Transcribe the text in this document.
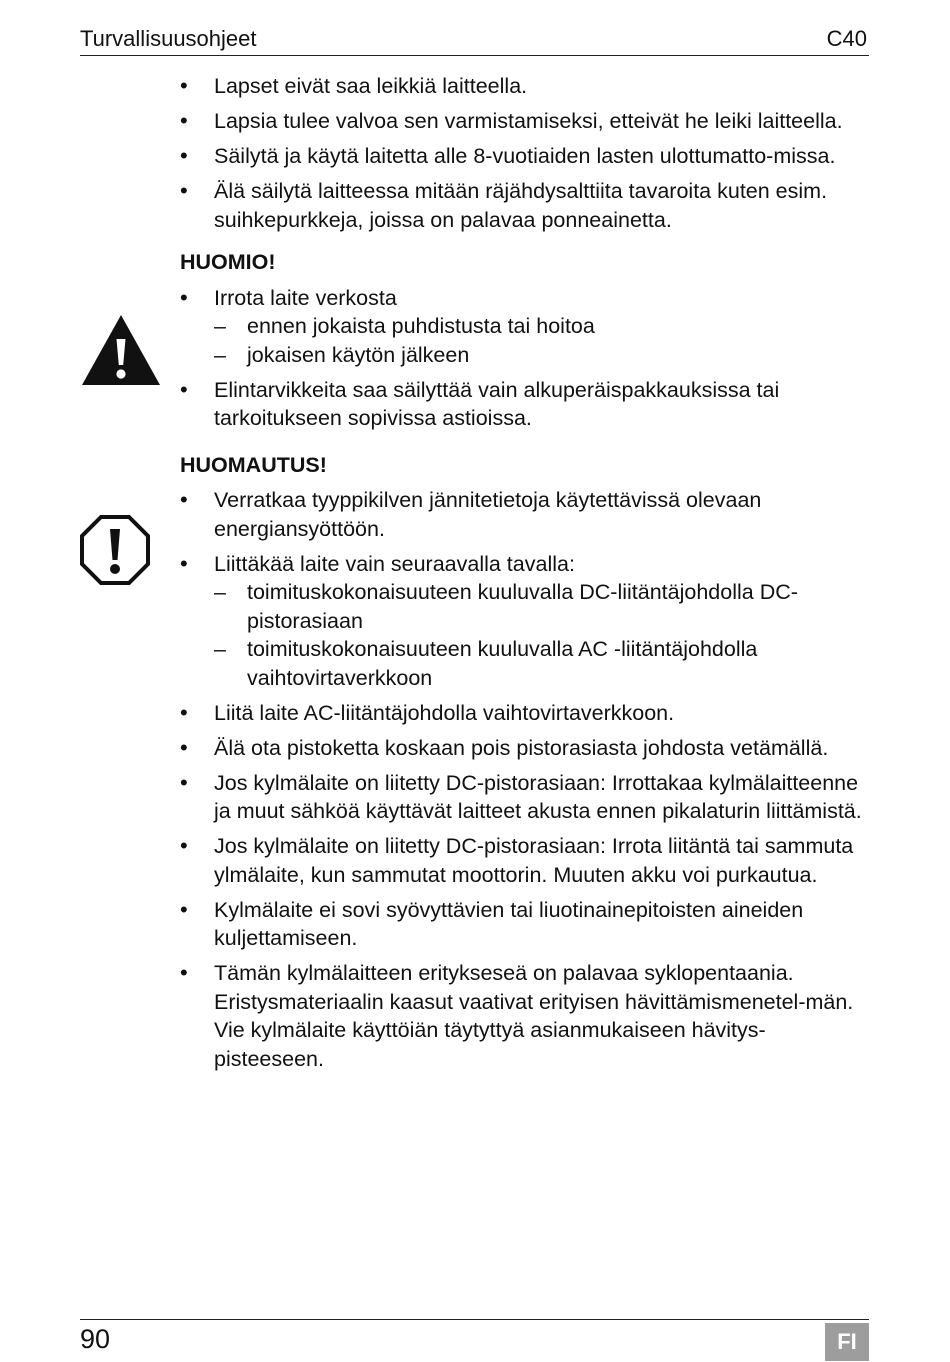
Turvallisuusohjeet	C40
• Lapset eivät saa leikkiä laitteella.
• Lapsia tulee valvoa sen varmistamiseksi, etteivät he leiki laitteella.
• Säilytä ja käytä laitetta alle 8-vuotiaiden lasten ulottumatto-missa.
• Älä säilytä laitteessa mitään räjähdysalttiita tavaroita kuten esim. suihkepurkkeja, joissa on palavaa ponneainetta.
HUOMIO!
• Irrota laite verkosta
– ennen jokaista puhdistusta tai hoitoa
– jokaisen käytön jälkeen
• Elintarvikkeita saa säilyttää vain alkuperäispakkauksissa tai tarkoitukseen sopivissa astioissa.
HUOMAUTUS!
• Verratkaa tyyppikilven jännitetietoja käytettävissä olevaan energiansyöttöön.
• Liittäkää laite vain seuraavalla tavalla:
– toimituskokonaisuuteen kuuluvalla DC-liitäntäjohdolla DC-pistorasiaan
– toimituskokonaisuuteen kuuluvalla AC -liitäntäjohdolla vaihtovirtaverkkoon
• Liitä laite AC-liitäntäjohdolla vaihtovirtaverkkoon.
• Älä ota pistoketta koskaan pois pistorasiasta johdosta vetämällä.
• Jos kylmälaite on liitetty DC-pistorasiaan: Irrottakaa kylmälaitteenne ja muut sähköä käyttävät laitteet akusta ennen pikalaturin liittämistä.
• Jos kylmälaite on liitetty DC-pistorasiaan: Irrota liitäntä tai sammuta ylmälaite, kun sammutat moottorin. Muuten akku voi purkautua.
• Kylmälaite ei sovi syövyttävien tai liuotinainepitoisten aineiden kuljettamiseen.
• Tämän kylmälaitteen eritykseseä on palavaa syklopentaania. Eristysmateriaalin kaasut vaativat erityisen hävittämismenetel-män. Vie kylmälaite käyttöiän täytyttyä asianmukaiseen hävitys-pisteeseen.
90	FI
